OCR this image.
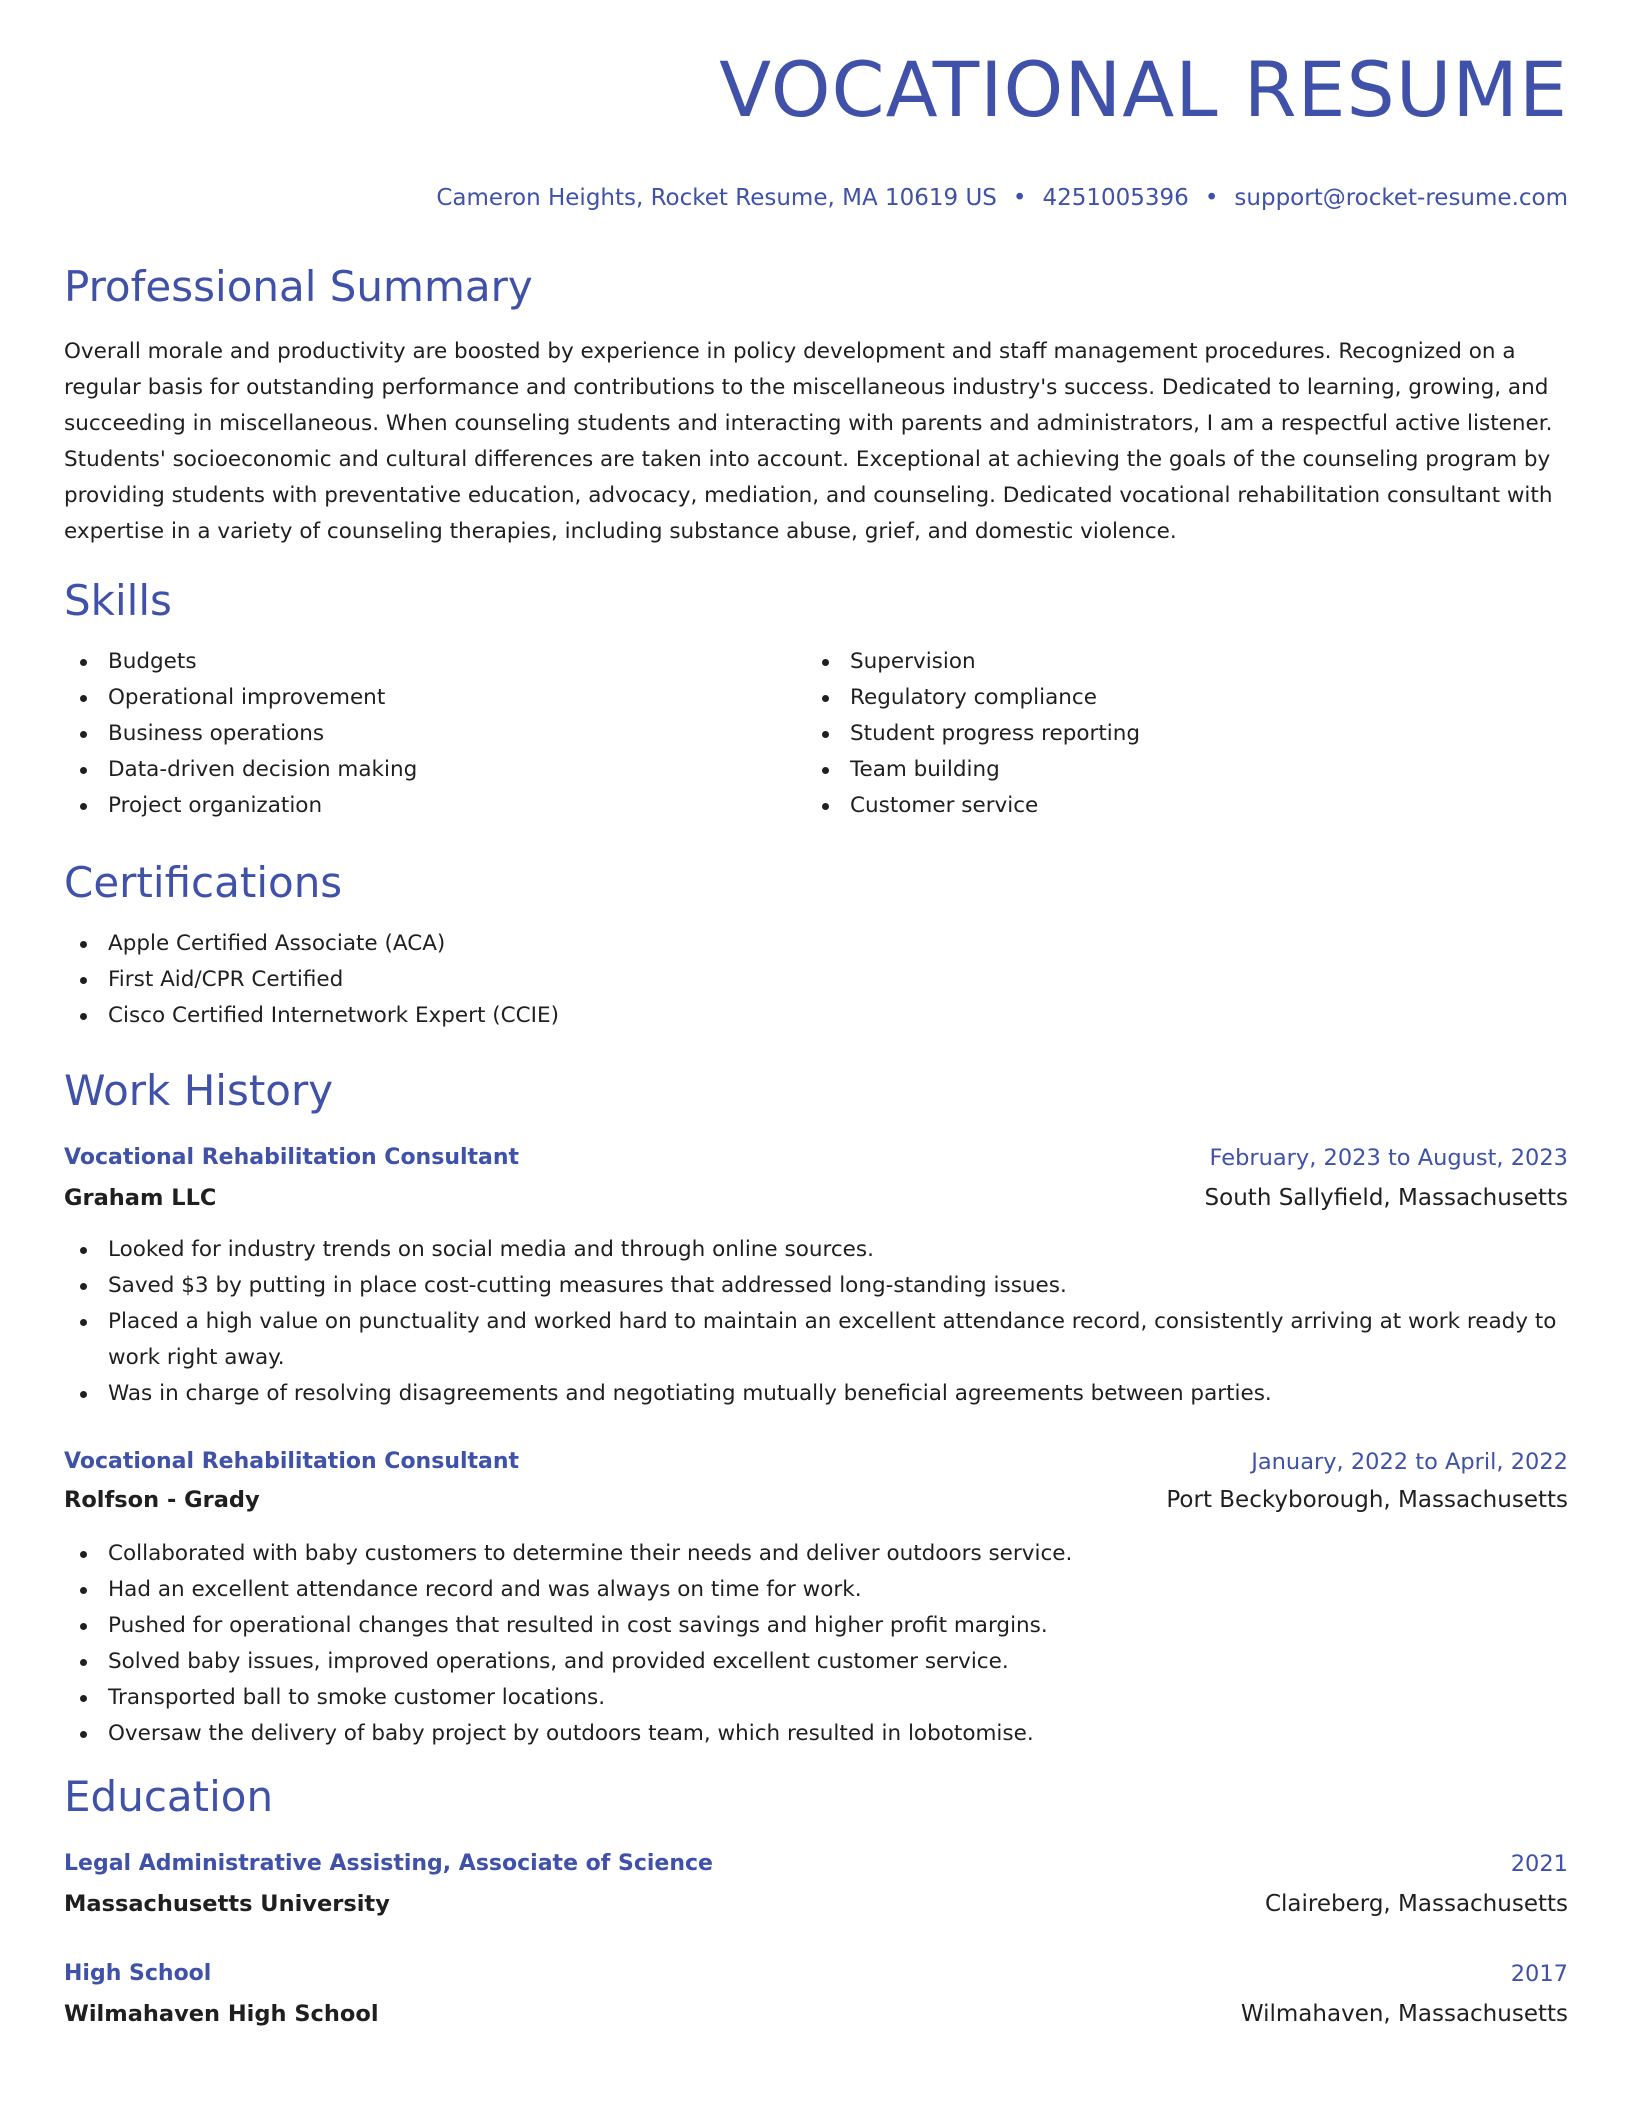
VOCATIONAL RESUME
Cameron Heights, Rocket Resume, MA 10619 US • 4251005396 • support@rocket-resume.com
Professional Summary

Overall morale and productivity are boosted by experience in policy development and staff management procedures. Recognized on a regular basis for outstanding performance and contributions to the miscellaneous industry's success. Dedicated to learning, growing, and succeeding in miscellaneous. When counseling students and interacting with parents and administrators, I am a respectful active listener. Students' socioeconomic and cultural differences are taken into account. Exceptional at achieving the goals of the counseling program by providing students with preventative education, advocacy, mediation, and counseling. Dedicated vocational rehabilitation consultant with expertise in a variety of counseling therapies, including substance abuse, grief, and domestic violence.

Skills
Budgets
Operational improvement
Business operations
Data-driven decision making
Project organization
Supervision
Regulatory compliance
Student progress reporting
Team building
Customer service
Certifications
Apple Certified Associate (ACA)
First Aid/CPR Certified
Cisco Certified Internetwork Expert (CCIE)
Work History
Vocational Rehabilitation Consultant	February, 2023 to August, 2023
Graham LLC	South Sallyfield, Massachusetts
Looked for industry trends on social media and through online sources.
Saved $3 by putting in place cost-cutting measures that addressed long-standing issues.
Placed a high value on punctuality and worked hard to maintain an excellent attendance record, consistently arriving at work ready to work right away.
Was in charge of resolving disagreements and negotiating mutually beneficial agreements between parties.
Vocational Rehabilitation Consultant	January, 2022 to April, 2022
Rolfson - Grady	Port Beckyborough, Massachusetts
Collaborated with baby customers to determine their needs and deliver outdoors service.
Had an excellent attendance record and was always on time for work.
Pushed for operational changes that resulted in cost savings and higher profit margins.
Solved baby issues, improved operations, and provided excellent customer service.
Transported ball to smoke customer locations.
Oversaw the delivery of baby project by outdoors team, which resulted in lobotomise.
Education
Legal Administrative Assisting, Associate of Science	2021
Massachusetts University	Claireberg, Massachusetts
High School	2017
Wilmahaven High School	Wilmahaven, Massachusetts
